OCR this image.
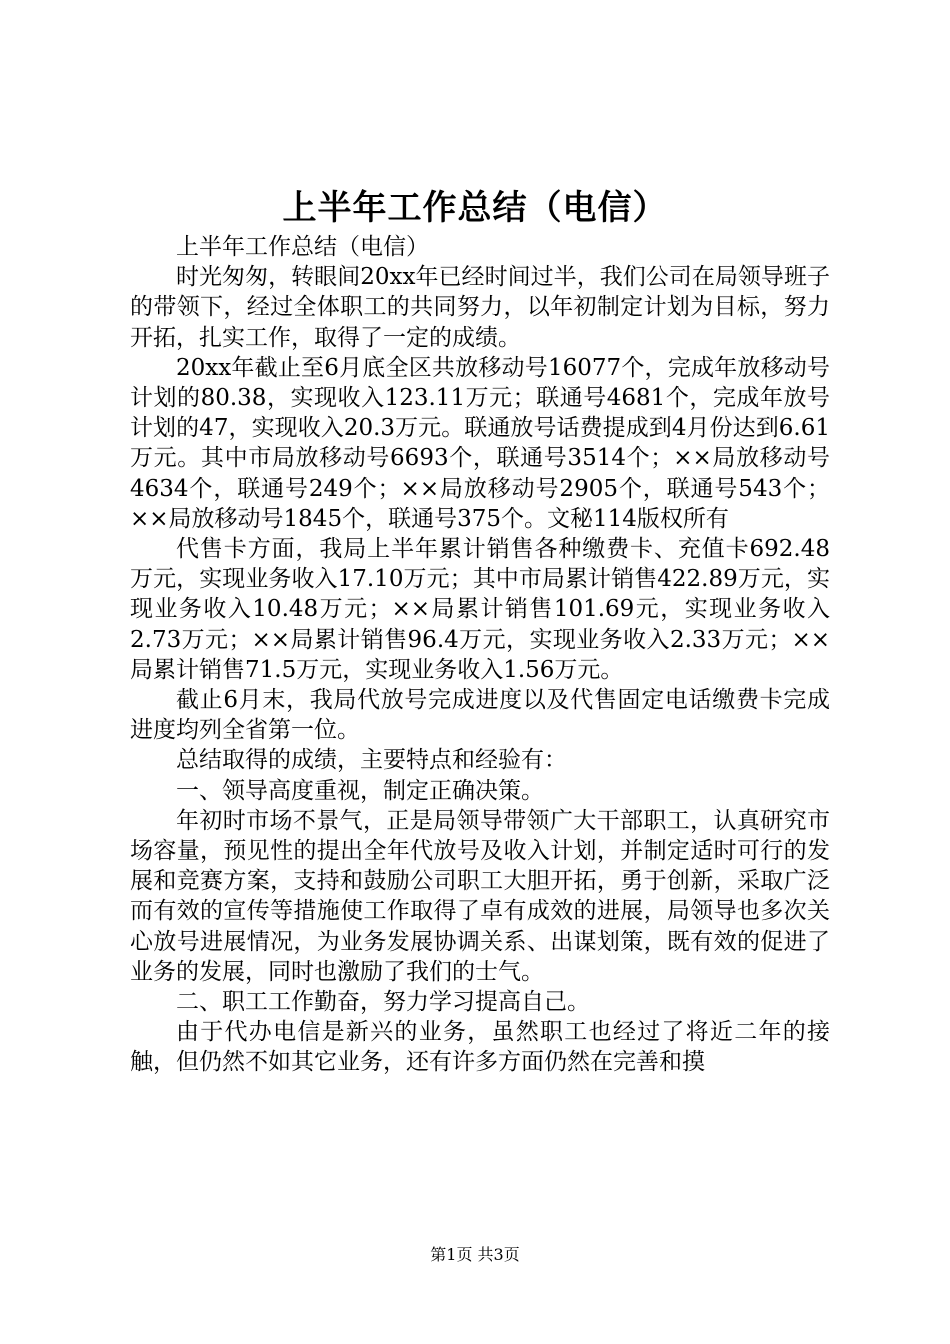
上半年工作总结（电信）

上半年工作总结（电信）

时光匆匆，转眼间20xx年已经时间过半，我们公司在局领导班子的带领下，经过全体职工的共同努力，以年初制定计划为目标，努力开拓，扎实工作，取得了一定的成绩。

20xx年截止至6月底全区共放移动号16077个，完成年放移动号计划的80.38，实现收入123.11万元；联通号4681个，完成年放号计划的47，实现收入20.3万元。联通放号话费提成到4月份达到6.61万元。其中市局放移动号6693个，联通号3514个；××局放移动号4634个，联通号249个；××局放移动号2905个，联通号543个；××局放移动号1845个，联通号375个。文秘114版权所有

代售卡方面，我局上半年累计销售各种缴费卡、充值卡692.48万元，实现业务收入17.10万元；其中市局累计销售422.89万元，实现业务收入10.48万元；××局累计销售101.69元，实现业务收入2.73万元；××局累计销售96.4万元，实现业务收入2.33万元；××局累计销售71.5万元，实现业务收入1.56万元。

截止6月末，我局代放号完成进度以及代售固定电话缴费卡完成进度均列全省第一位。

总结取得的成绩，主要特点和经验有：

一、领导高度重视，制定正确决策。

年初时市场不景气，正是局领导带领广大干部职工，认真研究市场容量，预见性的提出全年代放号及收入计划，并制定适时可行的发展和竞赛方案，支持和鼓励公司职工大胆开拓，勇于创新，采取广泛而有效的宣传等措施使工作取得了卓有成效的进展，局领导也多次关心放号进展情况，为业务发展协调关系、出谋划策，既有效的促进了业务的发展，同时也激励了我们的士气。

二、职工工作勤奋，努力学习提高自己。

由于代办电信是新兴的业务，虽然职工也经过了将近二年的接触，但仍然不如其它业务，还有许多方面仍然在完善和摸

第1页 共3页
